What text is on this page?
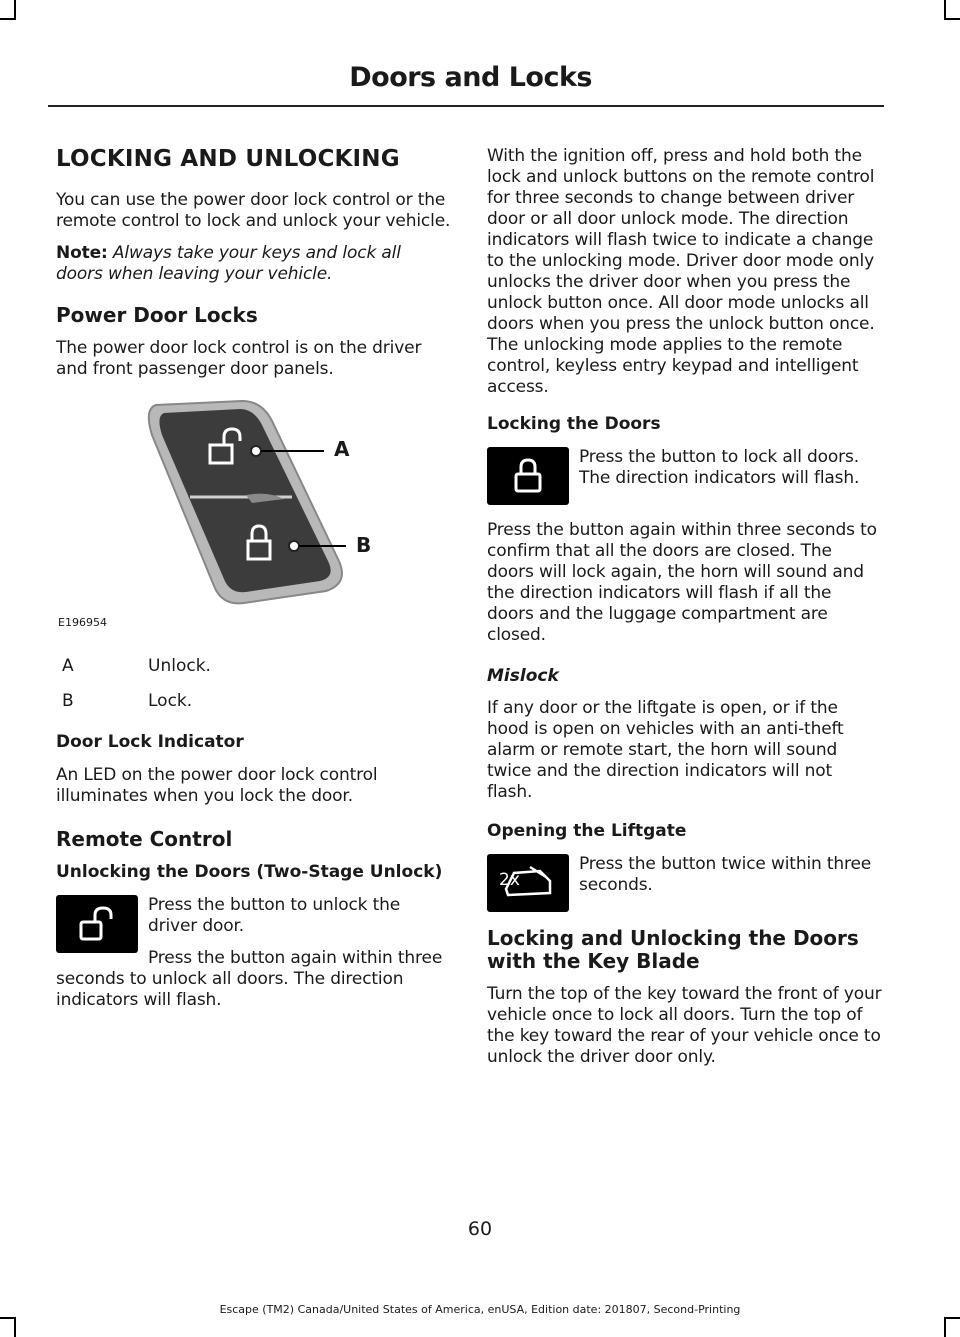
Doors and Locks
LOCKING AND UNLOCKING

You can use the power door lock control or the remote control to lock and unlock your vehicle.

Note: Always take your keys and lock all doors when leaving your vehicle.

Power Door Locks

The power door lock control is on the driver and front passenger door panels.

A
B
E196954
A	Unlock.
B	Lock.
Door Lock Indicator

An LED on the power door lock control illuminates when you lock the door.

Remote Control
Unlocking the Doors (Two-Stage Unlock)

Press the button to unlock the driver door.

Press the button again within three seconds to unlock all doors. The direction indicators will flash.

With the ignition off, press and hold both the lock and unlock buttons on the remote control for three seconds to change between driver door or all door unlock mode. The direction indicators will flash twice to indicate a change to the unlocking mode. Driver door mode only unlocks the driver door when you press the unlock button once. All door mode unlocks all doors when you press the unlock button once. The unlocking mode applies to the remote control, keyless entry keypad and intelligent access.

Locking the Doors

Press the button to lock all doors. The direction indicators will flash.

Press the button again within three seconds to confirm that all the doors are closed. The doors will lock again, the horn will sound and the direction indicators will flash if all the doors and the luggage compartment are closed.

Mislock

If any door or the liftgate is open, or if the hood is open on vehicles with an anti-theft alarm or remote start, the horn will sound twice and the direction indicators will not flash.

Opening the Liftgate
2x

Press the button twice within three seconds.

Locking and Unlocking the Doors with the Key Blade

Turn the top of the key toward the front of your vehicle once to lock all doors. Turn the top of the key toward the rear of your vehicle once to unlock the driver door only.

60
Escape (TM2) Canada/United States of America, enUSA, Edition date: 201807, Second-Printing
